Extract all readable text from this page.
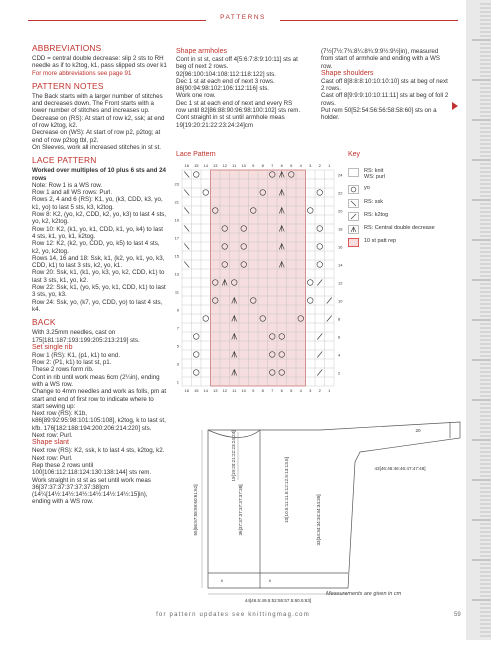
PATTERNS
ABBREVIATIONS

CDD = central double decrease: slip 2 sts to RH needle as if to k2tog, k1, pass slipped sts over k1

For more abbreviations see page 91

PATTERN NOTES

The Back starts with a larger number of stitches and decreases down. The Front starts with a lower number of stitches and increases up.

Decrease on (RS): At start of row k2, ssk; at end of row k2tog, k2.

Decrease on (WS): At start of row p2, p2tog; at end of row p2tog tbl, p2.

On Sleeves, work all increased stitches in st st.

LACE PATTERN

Worked over multiples of 10 plus 6 sts and 24 rows

Note: Row 1 is a WS row.

Row 1 and all WS rows: Purl.

Rows 2, 4 and 6 (RS): K1, yo, (k3, CDD, k3, yo, k1, yo) to last 5 sts, k3, k2tog.

Row 8: K2, (yo, k2, CDD, k2, yo, k3) to last 4 sts, yo, k2, k2tog.

Row 10: K2, (k1, yo, k1, CDD, k1, yo, k4) to last 4 sts, k1, yo, k1, k2tog.

Row 12: K2, (k2, yo, CDD, yo, k5) to last 4 sts, k2, yo, k2tog.

Rows 14, 16 and 18: Ssk, k1, (k2, yo, k1, yo, k3, CDD, k1) to last 3 sts, k2, yo, k1.

Row 20: Ssk, k1, (k1, yo, k3, yo, k2, CDD, k1) to last 3 sts, k1, yo, k2.

Row 22: Ssk, k1, (yo, k5, yo, k1, CDD, k1) to last 3 sts, yo, k3.

Row 24: Ssk, yo, (k7, yo, CDD, yo) to last 4 sts, k4.

BACK

With 3.25mm needles, cast on 175[181:187:193:199:205:213:219] sts.

Set single rib

Row 1 (RS): K1, (p1, k1) to end.

Row 2: (P1, k1) to last st, p1.

These 2 rows form rib.

Cont in rib until work meas 6cm (2¼in), ending with a WS row.

Change to 4mm needles and work as folls, pm at start and end of first row to indicate where to start sewing up:

Next row (RS): K1b, k86[89:92:95:98:101:105:108], k2tog, k to last st, kfb. 176[182:188:194:200:206:214:220] sts.

Next row: Purl.

Shape slant

Next row (RS): K2, ssk, k to last 4 sts, k2tog, k2.

Next row: Purl.

Rep these 2 rows until 100[106:112:118:124:130:138:144] sts rem.

Work straight in st st as set until work meas 36[37:37:37:37:37:37:38]cm (14¼[14½:14½:14½:14½:14½:14½:15]in), ending with a WS row.

Shape armholes

Cont in st st, cast off 4[5:6:7:8:9:10:11] sts at beg of next 2 rows.

92[96:100:104:108:112:118:122] sts.

Dec 1 st at each end of next 3 rows.

86[90:94:98:102:106:112:116] sts.

Work one row.

Dec 1 st at each end of next and every RS row until 82[86:88:90:96:98:100:102] sts rem.

Cont straight in st st until armhole meas 19[19:20:21:22:23:24:24]cm

(7½[7½:7¾:8¼:8¾:9:9½:9½]in), measured from start of armhole and ending with a WS row.

Shape shoulders

Cast off 8[8:8:8:10:10:10:10] sts at beg of next 2 rows.

Cast off 8[9:9:9:10:10:11:11] sts at beg of foll 2 rows.

Put rem 50[52:54:56:56:58:58:60] sts on a holder.

Lace Pattern
16
16
15
15
14
14
13
13
12
12
11
11
10
10
9
9
8
8
7
7
6
6
5
5
4
4
3
3
2
2
1
1
24
22
20
18
16
14
12
10
8
6
4
2
23
21
19
17
15
13
11
9
7
5
3
1
Key
RS: knit
WS: purl
yo
RS: ssk
RS: k2tog
RS: Central double decrease
10 st patt rep
55[56:57:58:59:60:61:62]
19[19:20:21:22:23:24:24]
36[37:37:37:37:37:37:38]	10[10.5:11:11.5:12:12.5:13:13.5]	33[34:34:34:34:34:34:35]
20
43[46:46:46:46:47:47:48]
44[46.5:49.5:52:55:57.5:60.5:63]
6	6
Measurements are given in cm
for pattern updates see knittingmag.com	59
